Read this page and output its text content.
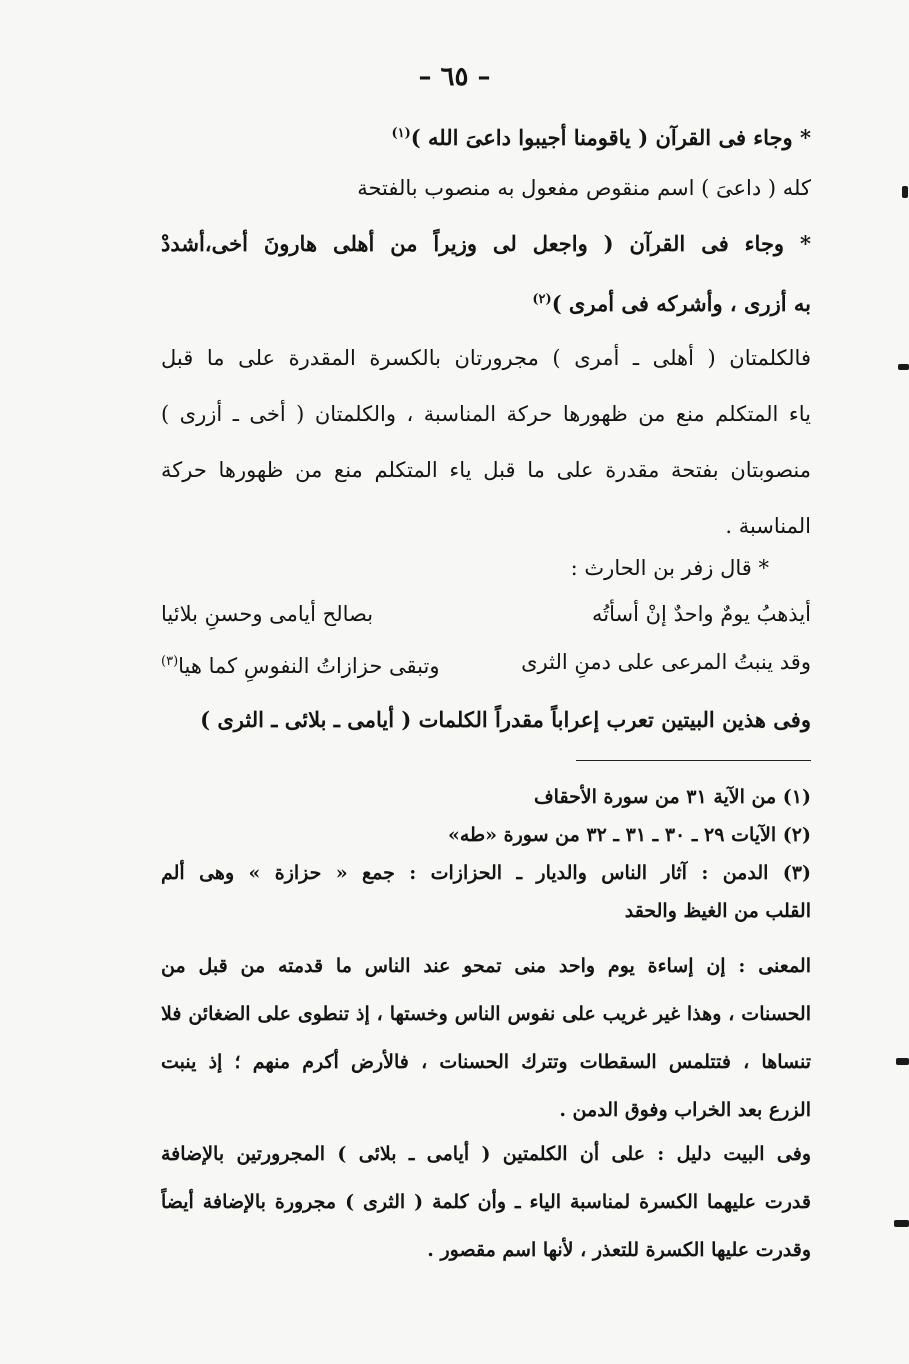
– ٦٥ –
* وجاء فى القرآن ( ياقومنا أجيبوا داعىَ الله )$^{(١)}$
كله ( داعىَ ) اسم منقوص مفعول به منصوب بالفتحة
* وجاء فى القرآن ( واجعل لى وزيراً من أهلى هارونَ أخى،أشددْ
به أزرى ، وأشركه فى أمرى )$^{(٢)}$
فالكلمتان ( أهلى ـ أمرى ) مجرورتان بالكسرة المقدرة على ما قبل
ياء المتكلم منع من ظهورها حركة المناسبة ، والكلمتان ( أخى ـ أزرى )
منصوبتان بفتحة مقدرة على ما قبل ياء المتكلم منع من ظهورها حركة
المناسبة .
* قال زفر بن الحارث :
أيذهبُ يومٌ واحدٌ إنْ أسأتُه
بصالح أيامى وحسنِ بلائيا
وقد ينبتُ المرعى على دمنِ الثرى
وتبقى حزازاتُ النفوسِ كما هيا$^{(٣)}$
وفى هذين البيتين تعرب إعراباً مقدراً الكلمات ( أيامى ـ بلائى ـ الثرى )
(١) من الآية ٣١ من سورة الأحقاف
(٢) الآيات ٢٩ ـ ٣٠ ـ ٣١ ـ ٣٢ من سورة «طه»
(٣) الدمن : آثار الناس والديار ـ الحزازات : جمع « حزازة » وهى ألم
القلب من الغيظ والحقد
المعنى : إن إساءة يوم واحد منى تمحو عند الناس ما قدمته من قبل من
الحسنات ، وهذا غير غريب على نفوس الناس وخستها ، إذ تنطوى على الضغائن فلا
تنساها ، فتتلمس السقطات وتترك الحسنات ، فالأرض أكرم منهم ؛ إذ ينبت
الزرع بعد الخراب وفوق الدمن .
وفى البيت دليل : على أن الكلمتين ( أيامى ـ بلائى ) المجرورتين بالإضافة
قدرت عليهما الكسرة لمناسبة الياء ـ وأن كلمة ( الثرى ) مجرورة بالإضافة أيضاً
وقدرت عليها الكسرة للتعذر ، لأنها اسم مقصور .
